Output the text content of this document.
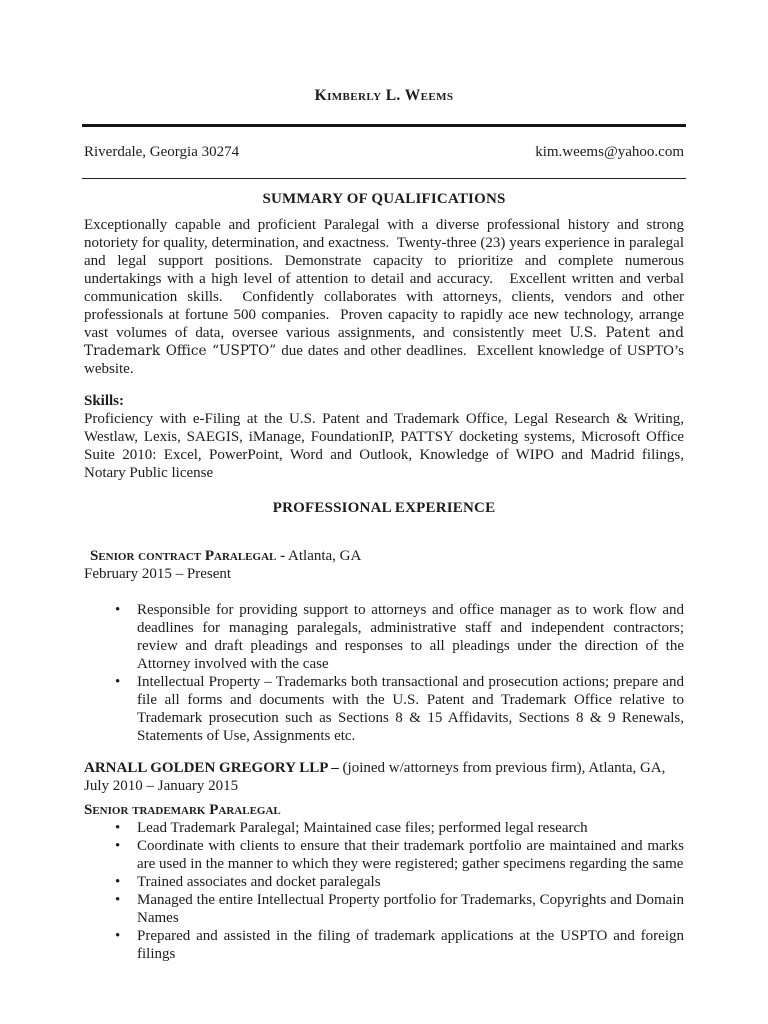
Kimberly L. Weems
Riverdale, Georgia 30274	kim.weems@yahoo.com
SUMMARY OF QUALIFICATIONS

Exceptionally capable and proficient Paralegal with a diverse professional history and strong notoriety for quality, determination, and exactness.  Twenty-three (23) years experience in paralegal and legal support positions. Demonstrate capacity to prioritize and complete numerous undertakings with a high level of attention to detail and accuracy.   Excellent written and verbal communication skills.  Confidently collaborates with attorneys, clients, vendors and other professionals at fortune 500 companies.  Proven capacity to rapidly ace new technology, arrange vast volumes of data, oversee various assignments, and consistently meet U.S. Patent and Trademark Office “USPTO” due dates and other deadlines.  Excellent knowledge of USPTO’s website.

Skills:
Proficiency with e-Filing at the U.S. Patent and Trademark Office, Legal Research & Writing, Westlaw, Lexis, SAEGIS, iManage, FoundationIP, PATTSY docketing systems, Microsoft Office Suite 2010: Excel, PowerPoint, Word and Outlook, Knowledge of WIPO and Madrid filings, Notary Public license
PROFESSIONAL EXPERIENCE
Senior contract Paralegal - Atlanta, GA
February 2015 – Present
• Responsible for providing support to attorneys and office manager as to work flow and deadlines for managing paralegals, administrative staff and independent contractors; review and draft pleadings and responses to all pleadings under the direction of the Attorney involved with the case
• Intellectual Property – Trademarks both transactional and prosecution actions; prepare and file all forms and documents with the U.S. Patent and Trademark Office relative to Trademark prosecution such as Sections 8 & 15 Affidavits, Sections 8 & 9 Renewals, Statements of Use, Assignments etc.
ARNALL GOLDEN GREGORY LLP – (joined w/attorneys from previous firm), Atlanta, GA,
July 2010 – January 2015
Senior trademark Paralegal
• Lead Trademark Paralegal; Maintained case files; performed legal research
• Coordinate with clients to ensure that their trademark portfolio are maintained and marks are used in the manner to which they were registered; gather specimens regarding the same
• Trained associates and docket paralegals
• Managed the entire Intellectual Property portfolio for Trademarks, Copyrights and Domain Names
• Prepared and assisted in the filing of trademark applications at the USPTO and foreign filings
